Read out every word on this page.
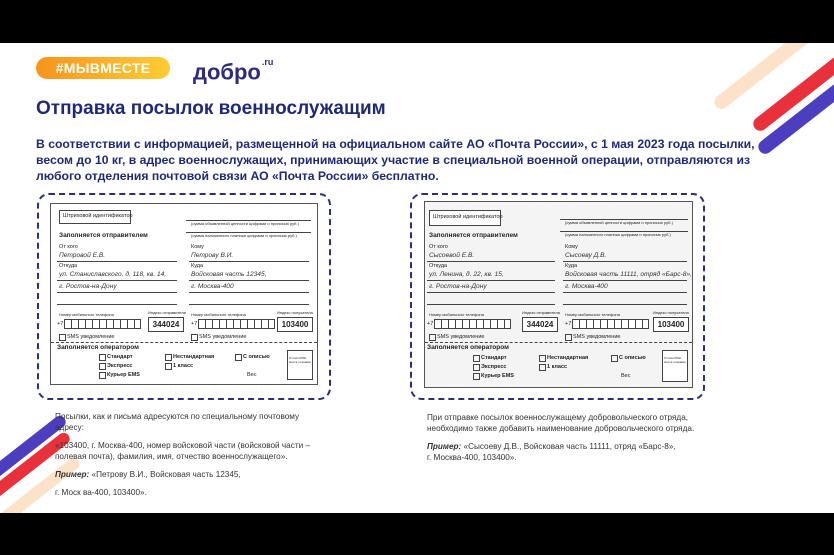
#МЫВМЕСТЕ	добро$^{.ru}$
Отправка посылок военнослужащим
В соответствии с информацией, размещенной на официальном сайте АО «Почта России», с 1 мая 2023 года посылки, весом до 10 кг, в адрес военнослужащих, принимающих участие в специальной военной операции, отправляются из любого отделения почтовой связи АО «Почта России» бесплатно.
Штриховой идентификатор
(сумма объявленной ценности цифрами и прописью руб.)
(сумма наложенного платежа цифрами и прописью руб.)
Заполняется отправителем
От кого	Кому
Петровой Е.В.	Петрову В.И.
Откуда	Куда
ул. Станиславского, д. 118, кв. 14,	Войсковая часть 12345,
г. Ростов-на-Дону	г. Москва-400
Номер мобильного телефона	Номер мобильного телефона
Индекс отправителя	Индекс получателя
+7	+7
344024	103400
SMS уведомление	SMS уведомление
Заполняется оператором
Стандарт	Нестандартная	С описью
Экспресс	1 класс
Курьер EMS	Вес
Оттиск КПШ места отправки
Штриховой идентификатор
(сумма объявленной ценности цифрами и прописью руб.)
(сумма наложенного платежа цифрами и прописью руб.)
Заполняется отправителем
От кого	Кому
Сысоевой Е.В.	Сысоеву Д.В.
Откуда	Куда
ул. Ленина, д. 22, кв. 15,	Войсковая часть 11111, отряд «Барс-8»,
г. Ростов-на-Дону	г. Москва-400
Номер мобильного телефона	Номер мобильного телефона
Индекс отправителя	Индекс получателя
+7	+7
344024	103400
SMS уведомление	SMS уведомление
Заполняется оператором
Стандарт	Нестандартная	С описью
Экспресс	1 класс
Курьер EMS	Вес
Оттиск КПШ места отправки

Посылки, как и письма адресуются по специальному почтовому адресу:

«103400, г. Москва-400, номер войсковой части (войсковой части – полевая почта), фамилия, имя, отчество военнослужащего».

Пример: «Петрову В.И., Войсковая часть 12345,

г. Моск ва-400, 103400».

При отправке посылок военнослужащему добровольческого отряда, необходимо также добавить наименование добровольческого отряда.

Пример: «Сысоеву Д.В., Войсковая часть 11111, отряд «Барс-8»,

г. Москва-400, 103400».
